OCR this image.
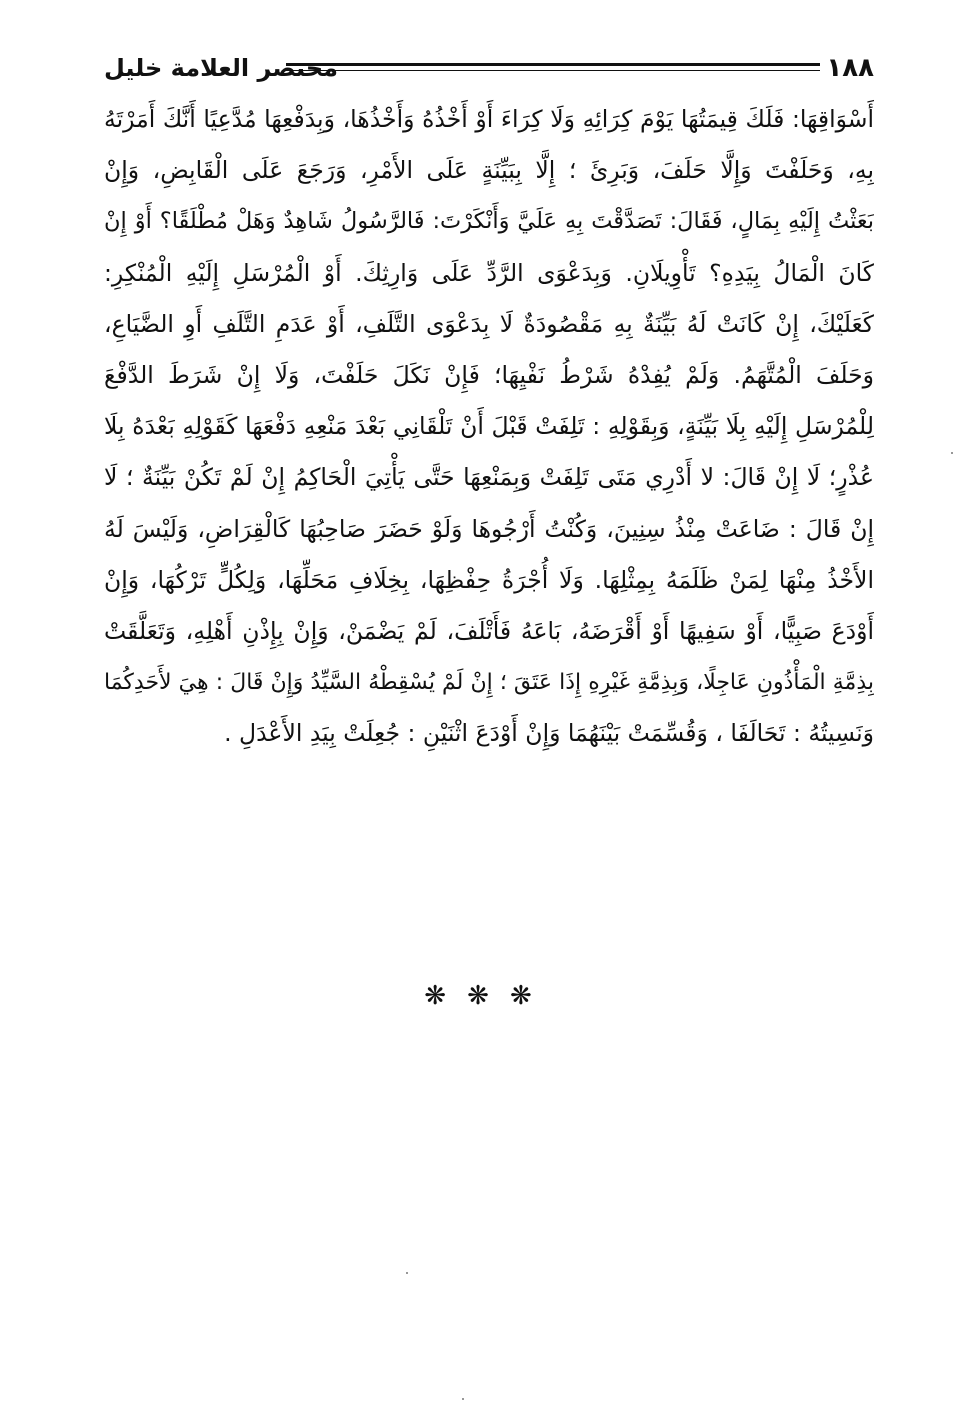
مختصر العلامة خليل	١٨٨
أَسْوَاقِهَا: فَلَكَ قِيمَتُهَا يَوْمَ كِرَائِهِ وَلَا كِرَاءَ أَوْ أَخْذُهُ وَأَخْذُهَا، وَبِدَفْعِهَا مُدَّعِيًا أَنَّكَ أَمَرْتَهُ
بِهِ، وَحَلَفْتَ وَإِلَّا حَلَفَ، وَبَرِئَ ؛ إِلَّا بِبَيِّنَةٍ عَلَى الأَمْرِ، وَرَجَعَ عَلَى الْقَابِضِ، وَإِنْ
بَعَثْتُ إِلَيْهِ بِمَالٍ، فَقَالَ: تَصَدَّقْتَ بِهِ عَلَيَّ وَأَنْكَرْتَ: فَالرَّسُولُ شَاهِدٌ وَهَلْ مُطْلَقًا؟ أَوْ إِنْ
كَانَ الْمَالُ بِيَدِهِ؟ تَأْوِيلَانِ. وَبِدَعْوَى الرَّدِّ عَلَى وَارِثِكَ. أَوْ الْمُرْسَلِ إِلَيْهِ الْمُنْكِرِ:
كَعَلَيْكَ، إِنْ كَانَتْ لَهُ بَيِّنَةٌ بِهِ مَقْصُودَةٌ لَا بِدَعْوَى التَّلَفِ، أَوْ عَدَمِ التَّلَفِ أَوِ الضَّيَاعِ،
وَحَلَفَ الْمُتَّهَمُ. وَلَمْ يُفِدْهُ شَرْطُ نَفْيِهَا؛ فَإِنْ نَكَلَ حَلَفْتَ، وَلَا إِنْ شَرَطَ الدَّفْعَ
لِلْمُرْسَلِ إِلَيْهِ بِلَا بَيِّنَةٍ، وَبِقَوْلِهِ : تَلِفَتْ قَبْلَ أَنْ تَلْقَانِي بَعْدَ مَنْعِهِ دَفْعَهَا كَقَوْلِهِ بَعْدَهُ بِلَا
عُذْرٍ؛ لَا إِنْ قَالَ: لا أَدْرِي مَتَى تَلِفَتْ وَبِمَنْعِهَا حَتَّى يَأْتِيَ الْحَاكِمُ إِنْ لَمْ تَكُنْ بَيِّنَةٌ ؛ لَا
إِنْ قَالَ : ضَاعَتْ مِنْذُ سِنِينَ، وَكُنْتُ أَرْجُوهَا وَلَوْ حَضَرَ صَاحِبُهَا كَالْقِرَاضِ، وَلَيْسَ لَهُ
الأَخْذُ مِنْهَا لِمَنْ ظَلَمَهُ بِمِثْلِهَا. وَلَا أُجْرَةُ حِفْظِهَا، بِخِلَافِ مَحَلِّهَا، وَلِكُلٍّ تَرْكُهَا، وَإِنْ
أَوْدَعَ صَبِيًّا، أَوْ سَفِيهًا أَوْ أَقْرَضَهُ، بَاعَهُ فَأَتْلَفَ، لَمْ يَضْمَنْ، وَإِنْ بِإِذْنِ أَهْلِهِ، وَتَعَلَّقَتْ
بِذِمَّةِ الْمَأْذُونِ عَاجِلًا، وَبِذِمَّةِ غَيْرِهِ إِذَا عَتَقَ ؛ إِنْ لَمْ يُسْقِطْهُ السَّيِّدُ وَإِنْ قَالَ : هِيَ لأَحَدِكُمَا
وَنَسِيتُهُ : تَحَالَفَا ، وَقُسِّمَتْ بَيْنَهُمَا وَإِنْ أَوْدَعَ اثْنَيْنِ : جُعِلَتْ بِيَدِ الأَعْدَلِ .
❋ ❋ ❋
